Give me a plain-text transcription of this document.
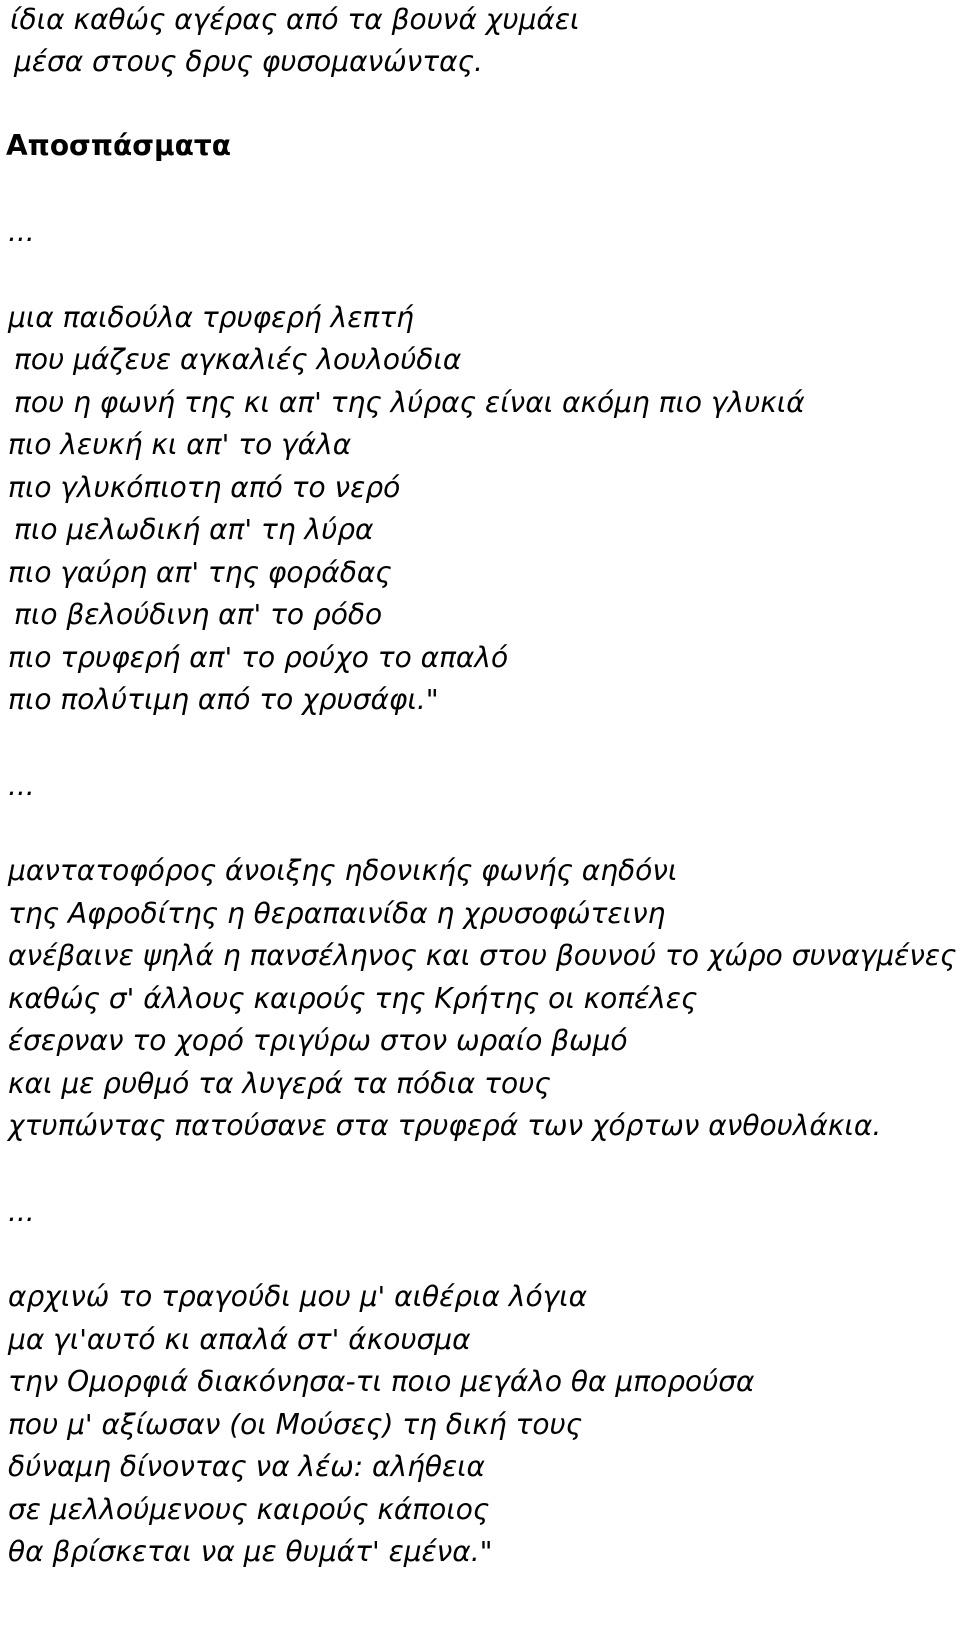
ίδια καθώς αγέρας από τα βουνά χυμάει
μέσα στους δρυς φυσομανώντας.
Αποσπάσματα
...
μια παιδούλα τρυφερή λεπτή
που μάζευε αγκαλιές λουλούδια
που η φωνή της κι απ' της λύρας είναι ακόμη πιο γλυκιά
πιο λευκή κι απ' το γάλα
πιο γλυκόπιοτη από το νερό
πιο μελωδική απ' τη λύρα
πιο γαύρη απ' της φοράδας
πιο βελούδινη απ' το ρόδο
πιο τρυφερή απ' το ρούχο το απαλό
πιο πολύτιμη από το χρυσάφι."
...
μαντατοφόρος άνοιξης ηδονικής φωνής αηδόνι
της Αφροδίτης η θεραπαινίδα η χρυσοφώτεινη
ανέβαινε ψηλά η πανσέληνος και στου βουνού το χώρο συναγμένες
καθώς σ' άλλους καιρούς της Κρήτης οι κοπέλες
έσερναν το χορό τριγύρω στον ωραίο βωμό
και με ρυθμό τα λυγερά τα πόδια τους
χτυπώντας πατούσανε στα τρυφερά των χόρτων ανθουλάκια.
...
αρχινώ το τραγούδι μου μ' αιθέρια λόγια
μα γι'αυτό κι απαλά στ' άκουσμα
την Ομορφιά διακόνησα-τι ποιο μεγάλο θα μπορούσα
που μ' αξίωσαν (οι Μούσες) τη δική τους
δύναμη δίνοντας να λέω: αλήθεια
σε μελλούμενους καιρούς κάποιος
θα βρίσκεται να με θυμάτ' εμένα."
